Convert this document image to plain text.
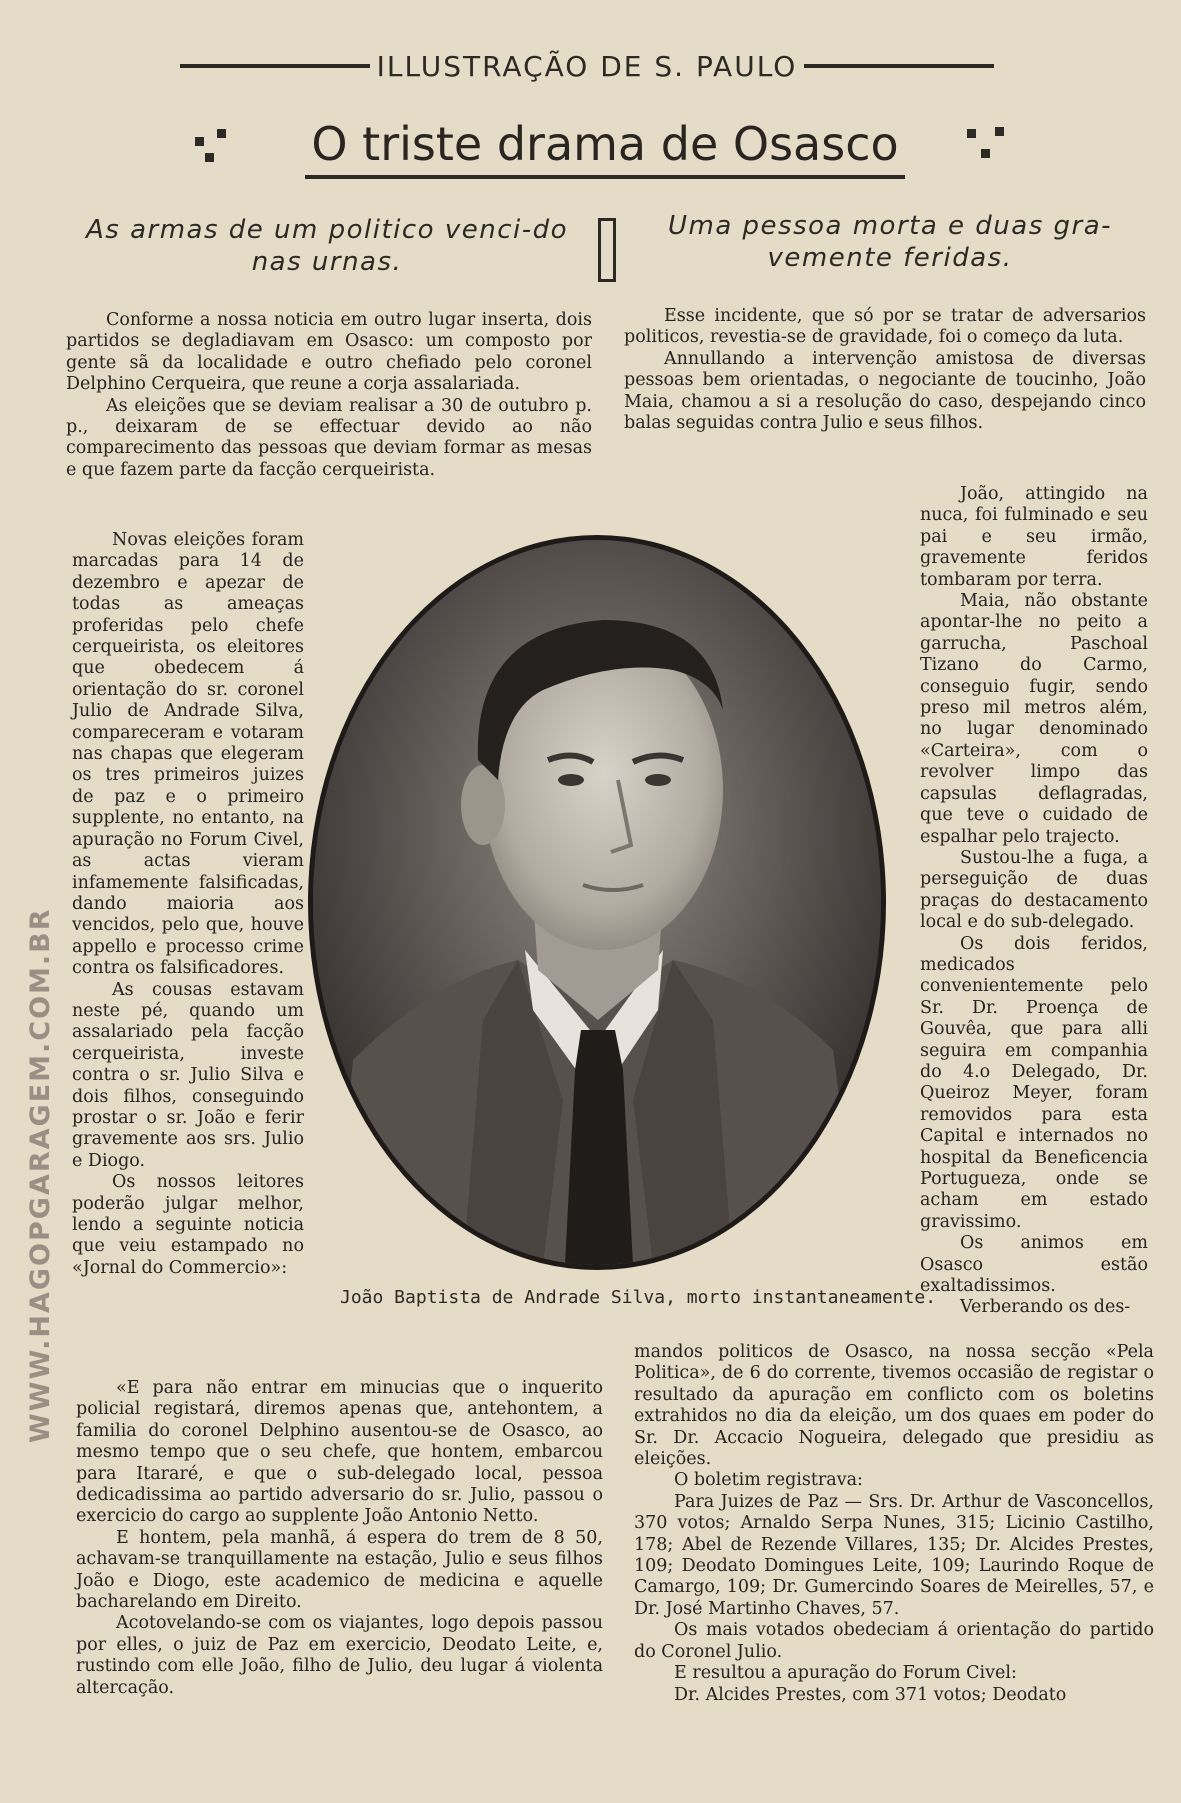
WWW.HAGOPGARAGEM.COM.BR
ILLUSTRAÇÃO DE S. PAULO
O triste drama de Osasco
As armas de um politico venci-do nas urnas.
Uma pessoa morta e duas gra-vemente feridas.

Conforme a nossa noticia em outro lugar inserta, dois partidos se degladiavam em Osasco: um composto por gente sã da localidade e outro chefiado pelo coronel Delphino Cerqueira, que reune a corja assalariada.

As eleições que se deviam realisar a 30 de outubro p. p., deixaram de se effectuar devido ao não comparecimento das pessoas que deviam formar as mesas e que fazem parte da facção cerqueirista.

Novas eleições foram marcadas para 14 de dezembro e apezar de todas as ameaças proferidas pelo chefe cerqueirista, os eleitores que obedecem á orientação do sr. coronel Julio de Andrade Silva, compareceram e votaram nas chapas que elegeram os tres primeiros juizes de paz e o primeiro supplente, no entanto, na apuração no Forum Civel, as actas vieram infamemente falsificadas, dando maioria aos vencidos, pelo que, houve appello e processo crime contra os falsificadores.

As cousas estavam neste pé, quando um assalariado pela facção cerqueirista, investe contra o sr. Julio Silva e dois filhos, conseguindo prostar o sr. João e ferir gravemente aos srs. Julio e Diogo.

Os nossos leitores poderão julgar melhor, lendo a seguinte noticia que veiu estampado no «Jornal do Commercio»:

«E para não entrar em minucias que o inquerito policial registará, diremos apenas que, antehontem, a familia do coronel Delphino ausentou-se de Osasco, ao mesmo tempo que o seu chefe, que hontem, embarcou para Itararé, e que o sub-delegado local, pessoa dedicadissima ao partido adversario do sr. Julio, passou o exercicio do cargo ao supplente João Antonio Netto.

E hontem, pela manhã, á espera do trem de 8 50, achavam-se tranquillamente na estação, Julio e seus filhos João e Diogo, este academico de medicina e aquelle bacharelando em Direito.

Acotovelando-se com os viajantes, logo depois passou por elles, o juiz de Paz em exercicio, Deodato Leite, e, rustindo com elle João, filho de Julio, deu lugar á violenta altercação.

Esse incidente, que só por se tratar de adversarios politicos, revestia-se de gravidade, foi o começo da luta.

Annullando a intervenção amistosa de diversas pessoas bem orientadas, o negociante de toucinho, João Maia, chamou a si a resolução do caso, despejando cinco balas seguidas contra Julio e seus filhos.

João, attingido na nuca, foi fulminado e seu pai e seu irmão, gravemente feridos tombaram por terra.

Maia, não obstante apontar-lhe no peito a garrucha, Paschoal Tizano do Carmo, conseguio fugir, sendo preso mil metros além, no lugar denominado «Carteira», com o revolver limpo das capsulas deflagradas, que teve o cuidado de espalhar pelo trajecto.

Sustou-lhe a fuga, a perseguição de duas praças do destacamento local e do sub-delegado.

Os dois feridos, medicados convenientemente pelo Sr. Dr. Proença de Gouvêa, que para alli seguira em companhia do 4.o Delegado, Dr. Queiroz Meyer, foram removidos para esta Capital e internados no hospital da Beneficencia Portugueza, onde se acham em estado gravissimo.

Os animos em Osasco estão exaltadissimos.

Verberando os des-

mandos politicos de Osasco, na nossa secção «Pela Politica», de 6 do corrente, tivemos occasião de registar o resultado da apuração em conflicto com os boletins extrahidos no dia da eleição, um dos quaes em poder do Sr. Dr. Accacio Nogueira, delegado que presidiu as eleições.

O boletim registrava:

Para Juizes de Paz — Srs. Dr. Arthur de Vasconcellos, 370 votos; Arnaldo Serpa Nunes, 315; Licinio Castilho, 178; Abel de Rezende Villares, 135; Dr. Alcides Prestes, 109; Deodato Domingues Leite, 109; Laurindo Roque de Camargo, 109; Dr. Gumercindo Soares de Meirelles, 57, e Dr. José Martinho Chaves, 57.

Os mais votados obedeciam á orientação do partido do Coronel Julio.

E resultou a apuração do Forum Civel:

Dr. Alcides Prestes, com 371 votos; Deodato

João Baptista de Andrade Silva, morto instantaneamente.
